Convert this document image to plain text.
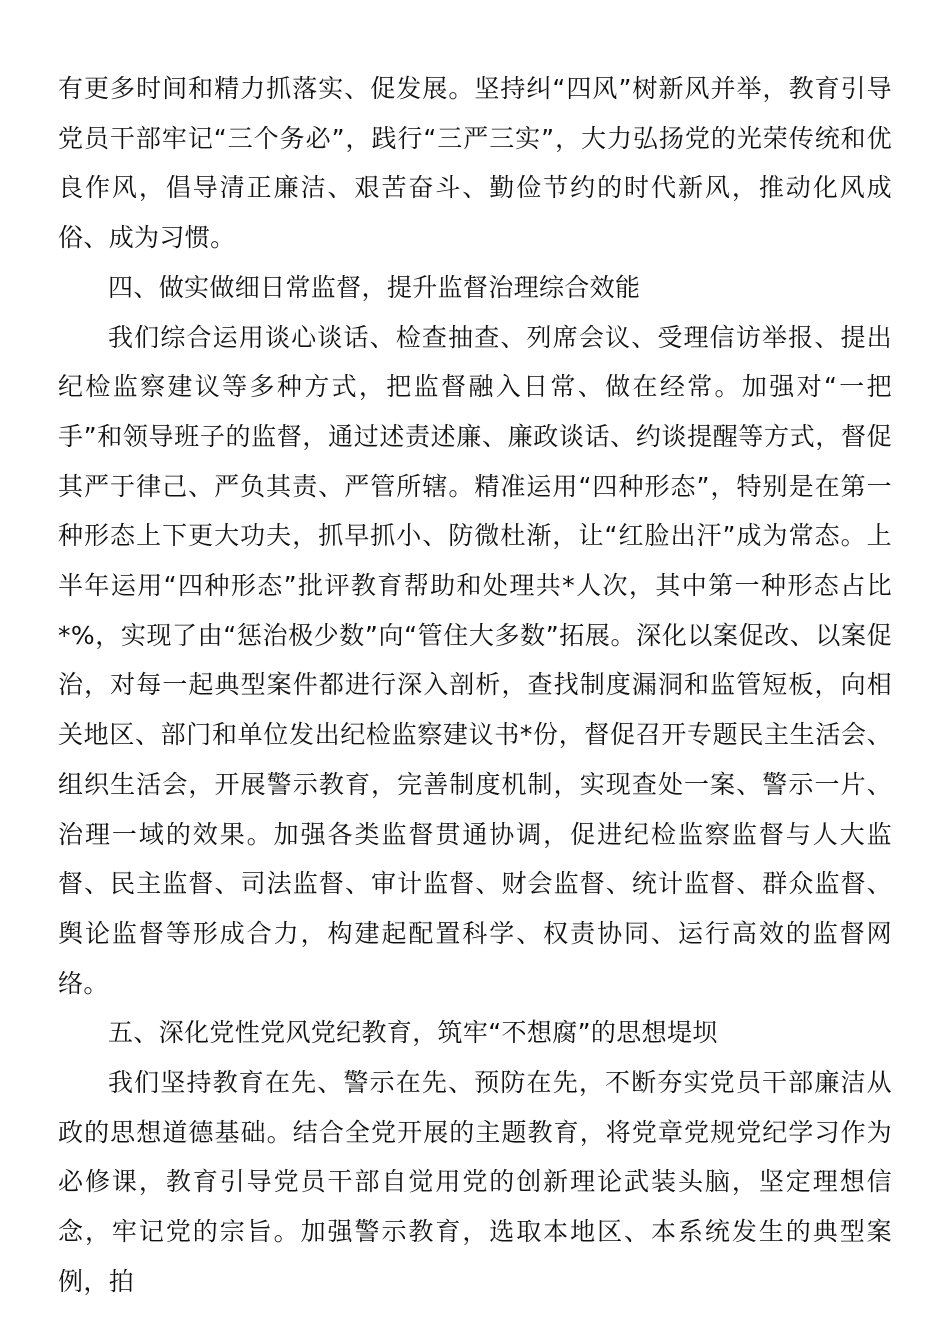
有更多时间和精力抓落实、促发展。坚持纠“四风”树新风并举，教育引导党员干部牢记“三个务必”，践行“三严三实”，大力弘扬党的光荣传统和优良作风，倡导清正廉洁、艰苦奋斗、勤俭节约的时代新风，推动化风成俗、成为习惯。

四、做实做细日常监督，提升监督治理综合效能

我们综合运用谈心谈话、检查抽查、列席会议、受理信访举报、提出纪检监察建议等多种方式，把监督融入日常、做在经常。加强对“一把手”和领导班子的监督，通过述责述廉、廉政谈话、约谈提醒等方式，督促其严于律己、严负其责、严管所辖。精准运用“四种形态”，特别是在第一种形态上下更大功夫，抓早抓小、防微杜渐，让“红脸出汗”成为常态。上半年运用“四种形态”批评教育帮助和处理共*人次，其中第一种形态占比*%，实现了由“惩治极少数”向“管住大多数”拓展。深化以案促改、以案促治，对每一起典型案件都进行深入剖析，查找制度漏洞和监管短板，向相关地区、部门和单位发出纪检监察建议书*份，督促召开专题民主生活会、组织生活会，开展警示教育，完善制度机制，实现查处一案、警示一片、治理一域的效果。加强各类监督贯通协调，促进纪检监察监督与人大监督、民主监督、司法监督、审计监督、财会监督、统计监督、群众监督、舆论监督等形成合力，构建起配置科学、权责协同、运行高效的监督网络。

五、深化党性党风党纪教育，筑牢“不想腐”的思想堤坝

我们坚持教育在先、警示在先、预防在先，不断夯实党员干部廉洁从政的思想道德基础。结合全党开展的主题教育，将党章党规党纪学习作为必修课，教育引导党员干部自觉用党的创新理论武装头脑，坚定理想信念，牢记党的宗旨。加强警示教育，选取本地区、本系统发生的典型案例，拍
